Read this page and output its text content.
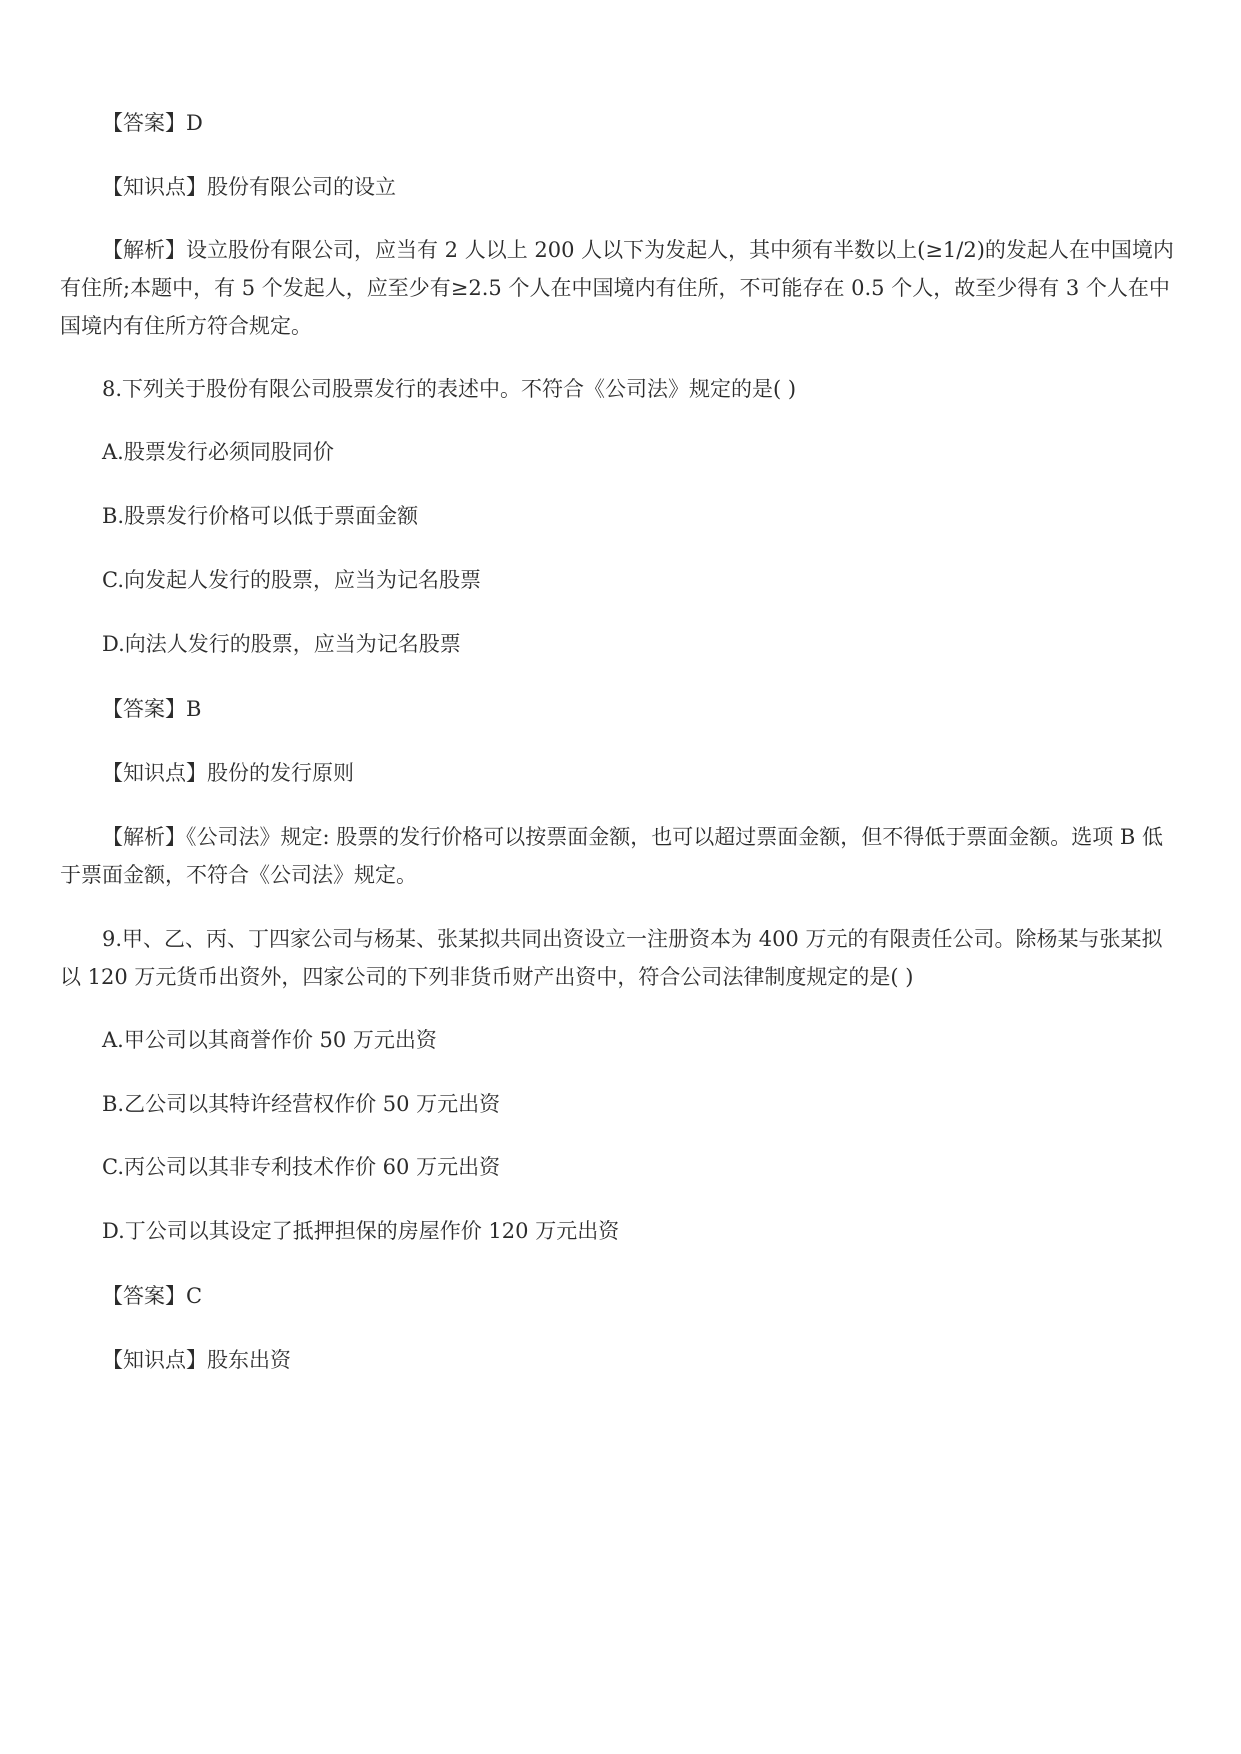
【答案】D

【知识点】股份有限公司的设立

【解析】设立股份有限公司，应当有 2 人以上 200 人以下为发起人，其中须有半数以上(≥1/2)的发起人在中国境内有住所;本题中，有 5 个发起人，应至少有≥2.5 个人在中国境内有住所，不可能存在 0.5 个人，故至少得有 3 个人在中国境内有住所方符合规定。

8.下列关于股份有限公司股票发行的表述中。不符合《公司法》规定的是( )

A.股票发行必须同股同价

B.股票发行价格可以低于票面金额

C.向发起人发行的股票，应当为记名股票

D.向法人发行的股票，应当为记名股票

【答案】B

【知识点】股份的发行原则

【解析】《公司法》规定: 股票的发行价格可以按票面金额，也可以超过票面金额，但不得低于票面金额。选项 B 低于票面金额，不符合《公司法》规定。

9.甲、乙、丙、丁四家公司与杨某、张某拟共同出资设立一注册资本为 400 万元的有限责任公司。除杨某与张某拟以 120 万元货币出资外，四家公司的下列非货币财产出资中，符合公司法律制度规定的是( )

A.甲公司以其商誉作价 50 万元出资

B.乙公司以其特许经营权作价 50 万元出资

C.丙公司以其非专利技术作价 60 万元出资

D.丁公司以其设定了抵押担保的房屋作价 120 万元出资

【答案】C

【知识点】股东出资
